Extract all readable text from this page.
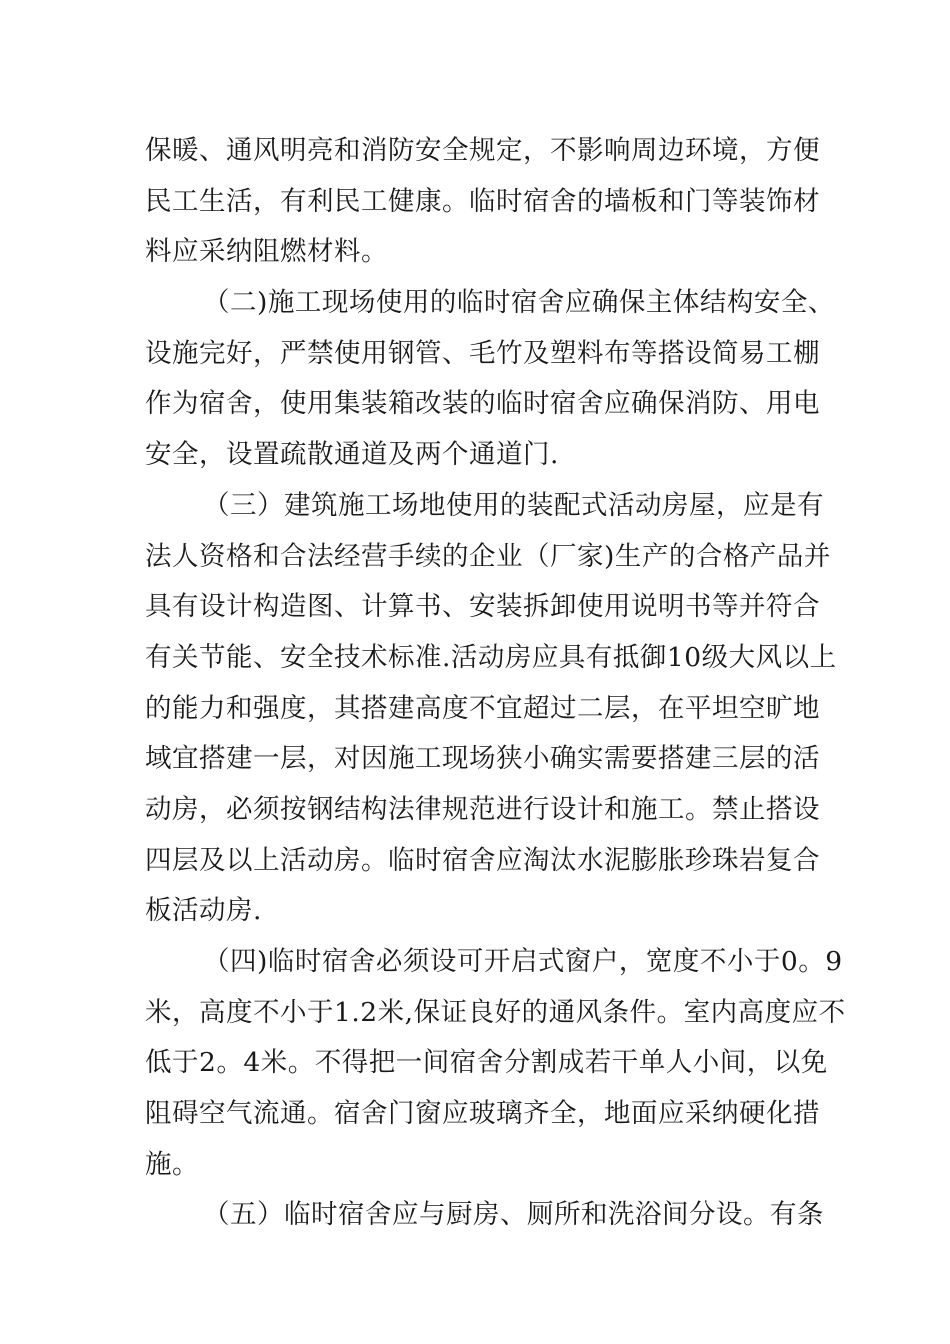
保暖、通风明亮和消防安全规定，不影响周边环境，方便
民工生活，有利民工健康。临时宿舍的墙板和门等装饰材
料应采纳阻燃材料。
（二)施工现场使用的临时宿舍应确保主体结构安全、
设施完好，严禁使用钢管、毛竹及塑料布等搭设简易工棚
作为宿舍，使用集装箱改装的临时宿舍应确保消防、用电
安全，设置疏散通道及两个通道门.
（三）建筑施工场地使用的装配式活动房屋，应是有
法人资格和合法经营手续的企业（厂家)生产的合格产品并
具有设计构造图、计算书、安装拆卸使用说明书等并符合
有关节能、安全技术标准.活动房应具有抵御10级大风以上
的能力和强度，其搭建高度不宜超过二层，在平坦空旷地
域宜搭建一层，对因施工现场狭小确实需要搭建三层的活
动房，必须按钢结构法律规范进行设计和施工。禁止搭设
四层及以上活动房。临时宿舍应淘汰水泥膨胀珍珠岩复合
板活动房.
（四)临时宿舍必须设可开启式窗户，宽度不小于0。9
米，高度不小于1.2米,保证良好的通风条件。室内高度应不
低于2。4米。不得把一间宿舍分割成若干单人小间，以免
阻碍空气流通。宿舍门窗应玻璃齐全，地面应采纳硬化措
施。
（五）临时宿舍应与厨房、厕所和洗浴间分设。有条
